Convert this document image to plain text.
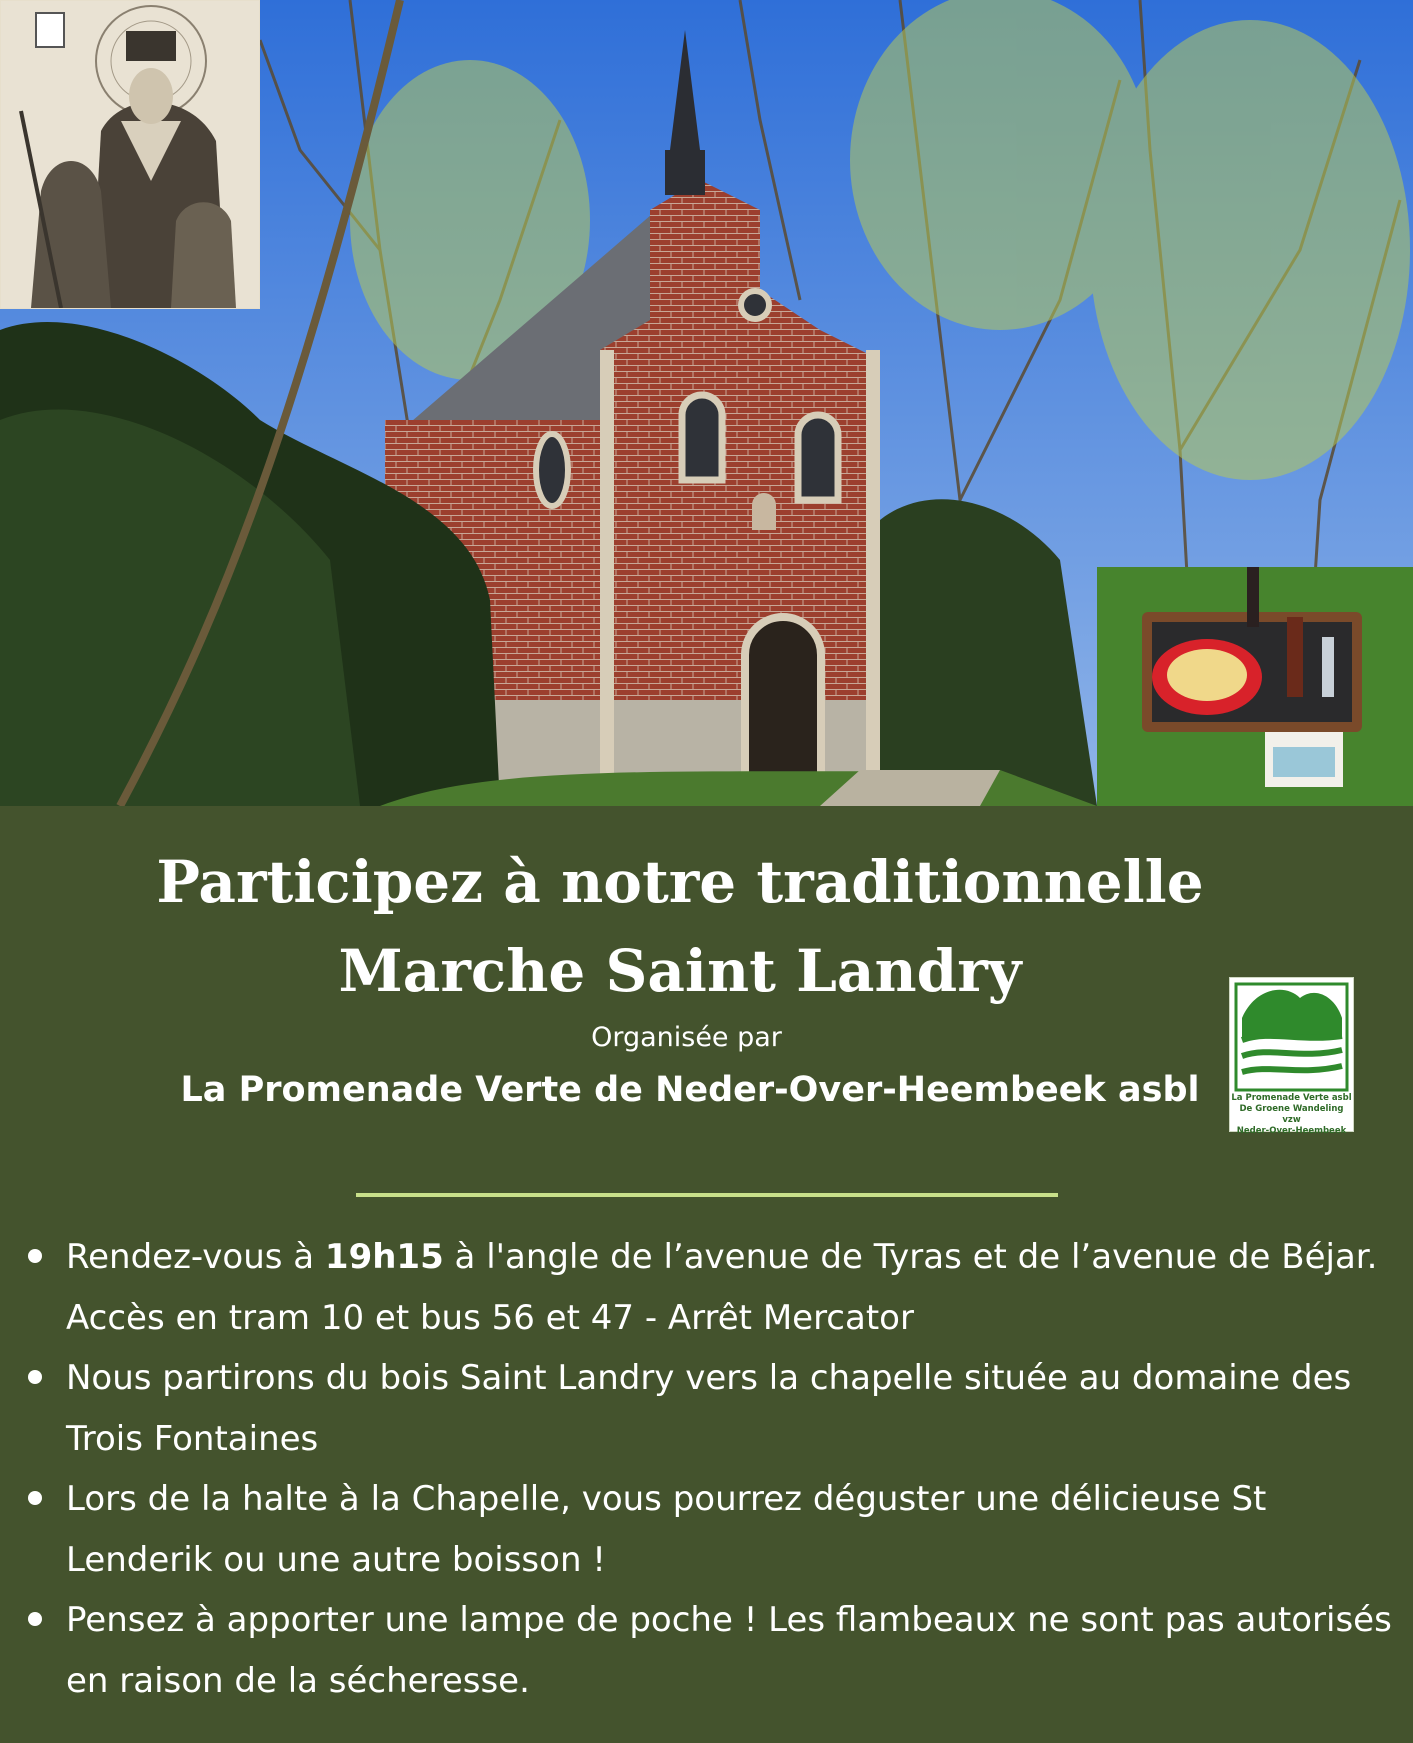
Participez à notre traditionnelle
Marche Saint Landry
Organisée par
La Promenade Verte de Neder-Over-Heembeek asbl	La Promenade Verte asbl
De Groene Wandeling vzw
Neder-Over-Heembeek
Rendez-vous à 19h15 à l'angle de l’avenue de Tyras et de l’avenue de Béjar. Accès en tram 10 et bus 56 et 47 - Arrêt Mercator
Nous partirons du bois Saint Landry vers la chapelle située au domaine des Trois Fontaines
Lors de la halte à la Chapelle, vous pourrez déguster une délicieuse St Lenderik ou une autre boisson !
Pensez à apporter une lampe de poche ! Les flambeaux ne sont pas autorisés en raison de la sécheresse.
